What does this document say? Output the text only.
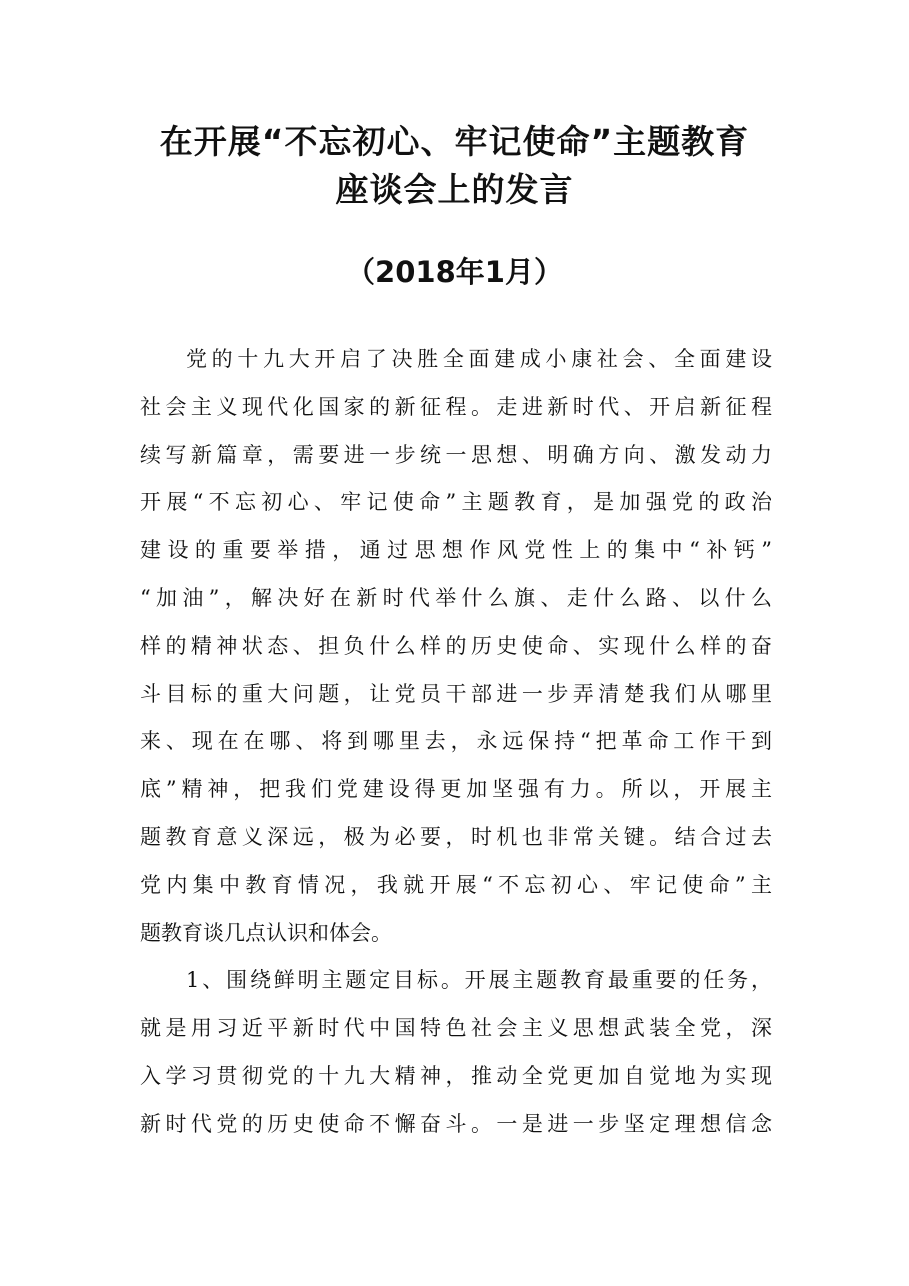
在开展“不忘初心、牢记使命”主题教育
座谈会上的发言
（2018年1月）
党的十九大开启了决胜全面建成小康社会、全面建设
社会主义现代化国家的新征程。走进新时代、开启新征程
续写新篇章，需要进一步统一思想、明确方向、激发动力
开展“不忘初心、牢记使命”主题教育，是加强党的政治
建设的重要举措，通过思想作风党性上的集中“补钙”
“加油”，解决好在新时代举什么旗、走什么路、以什么
样的精神状态、担负什么样的历史使命、实现什么样的奋
斗目标的重大问题，让党员干部进一步弄清楚我们从哪里
来、现在在哪、将到哪里去，永远保持“把革命工作干到
底”精神，把我们党建设得更加坚强有力。所以，开展主
题教育意义深远，极为必要，时机也非常关键。结合过去
党内集中教育情况，我就开展“不忘初心、牢记使命”主
题教育谈几点认识和体会。
1、围绕鲜明主题定目标。开展主题教育最重要的任务，
就是用习近平新时代中国特色社会主义思想武装全党，深
入学习贯彻党的十九大精神，推动全党更加自觉地为实现
新时代党的历史使命不懈奋斗。一是进一步坚定理想信念
